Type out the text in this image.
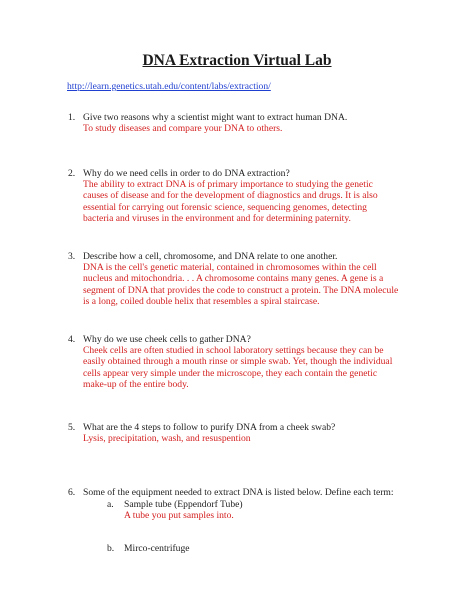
DNA Extraction Virtual Lab
http://learn.genetics.utah.edu/content/labs/extraction/
1. Give two reasons why a scientist might want to extract human DNA.
To study diseases and compare your DNA to others.
2. Why do we need cells in order to do DNA extraction?
The ability to extract DNA is of primary importance to studying the genetic
causes of disease and for the development of diagnostics and drugs. It is also
essential for carrying out forensic science, sequencing genomes, detecting
bacteria and viruses in the environment and for determining paternity.
3. Describe how a cell, chromosome, and DNA relate to one another.
DNA is the cell's genetic material, contained in chromosomes within the cell
nucleus and mitochondria. . . A chromosome contains many genes. A gene is a
segment of DNA that provides the code to construct a protein. The DNA molecule
is a long, coiled double helix that resembles a spiral staircase.
4. Why do we use cheek cells to gather DNA?
Cheek cells are often studied in school laboratory settings because they can be
easily obtained through a mouth rinse or simple swab. Yet, though the individual
cells appear very simple under the microscope, they each contain the genetic
make-up of the entire body.
5. What are the 4 steps to follow to purify DNA from a cheek swab?
Lysis, precipitation, wash, and resuspention
6. Some of the equipment needed to extract DNA is listed below. Define each term:
a. Sample tube (Eppendorf Tube)
A tube you put samples into.
b. Mirco-centrifuge
